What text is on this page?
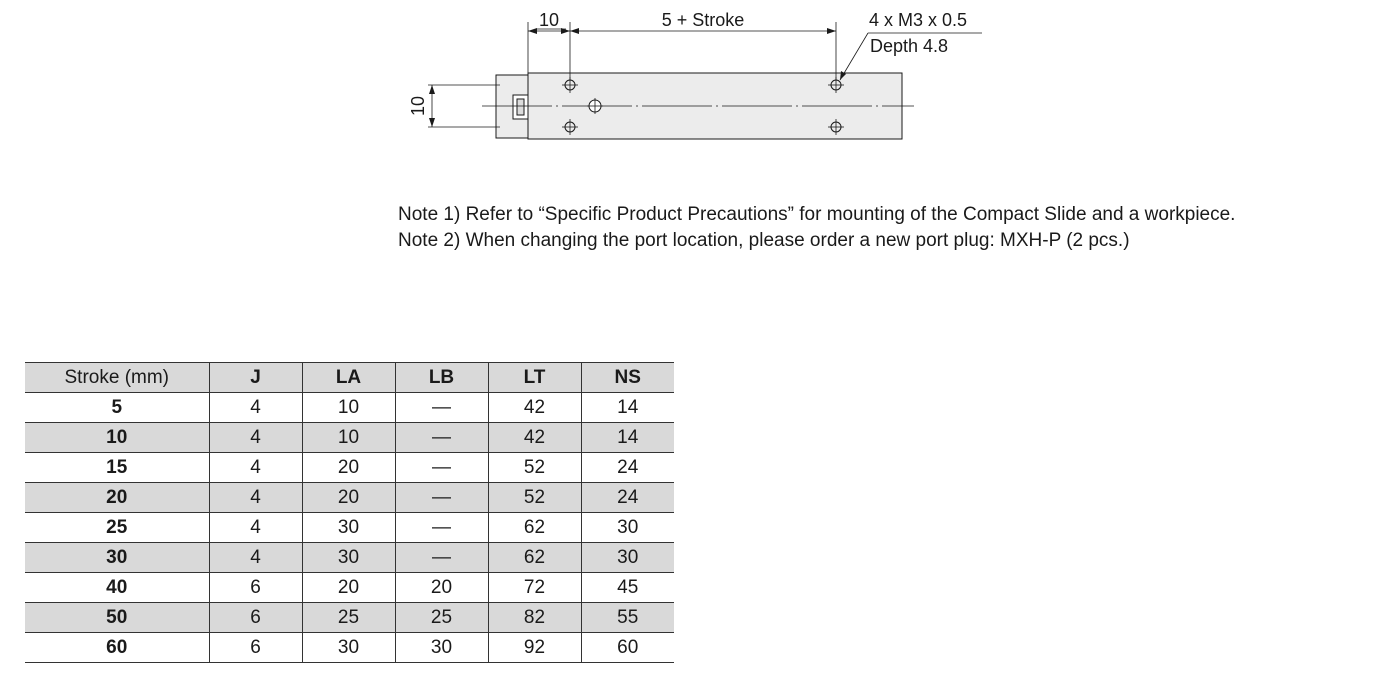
10	5 + Stroke	4 x M3 x 0.5
Depth 4.8
10
Note 1) Refer to “Specific Product Precautions” for mounting of the Compact Slide and a workpiece.
Note 2) When changing the port location, please order a new port plug: MXH-P (2 pcs.)
Stroke (mm)	J	LA	LB	LT	NS
5	4	10	—	42	14
10	4	10	—	42	14
15	4	20	—	52	24
20	4	20	—	52	24
25	4	30	—	62	30
30	4	30	—	62	30
40	6	20	20	72	45
50	6	25	25	82	55
60	6	30	30	92	60
